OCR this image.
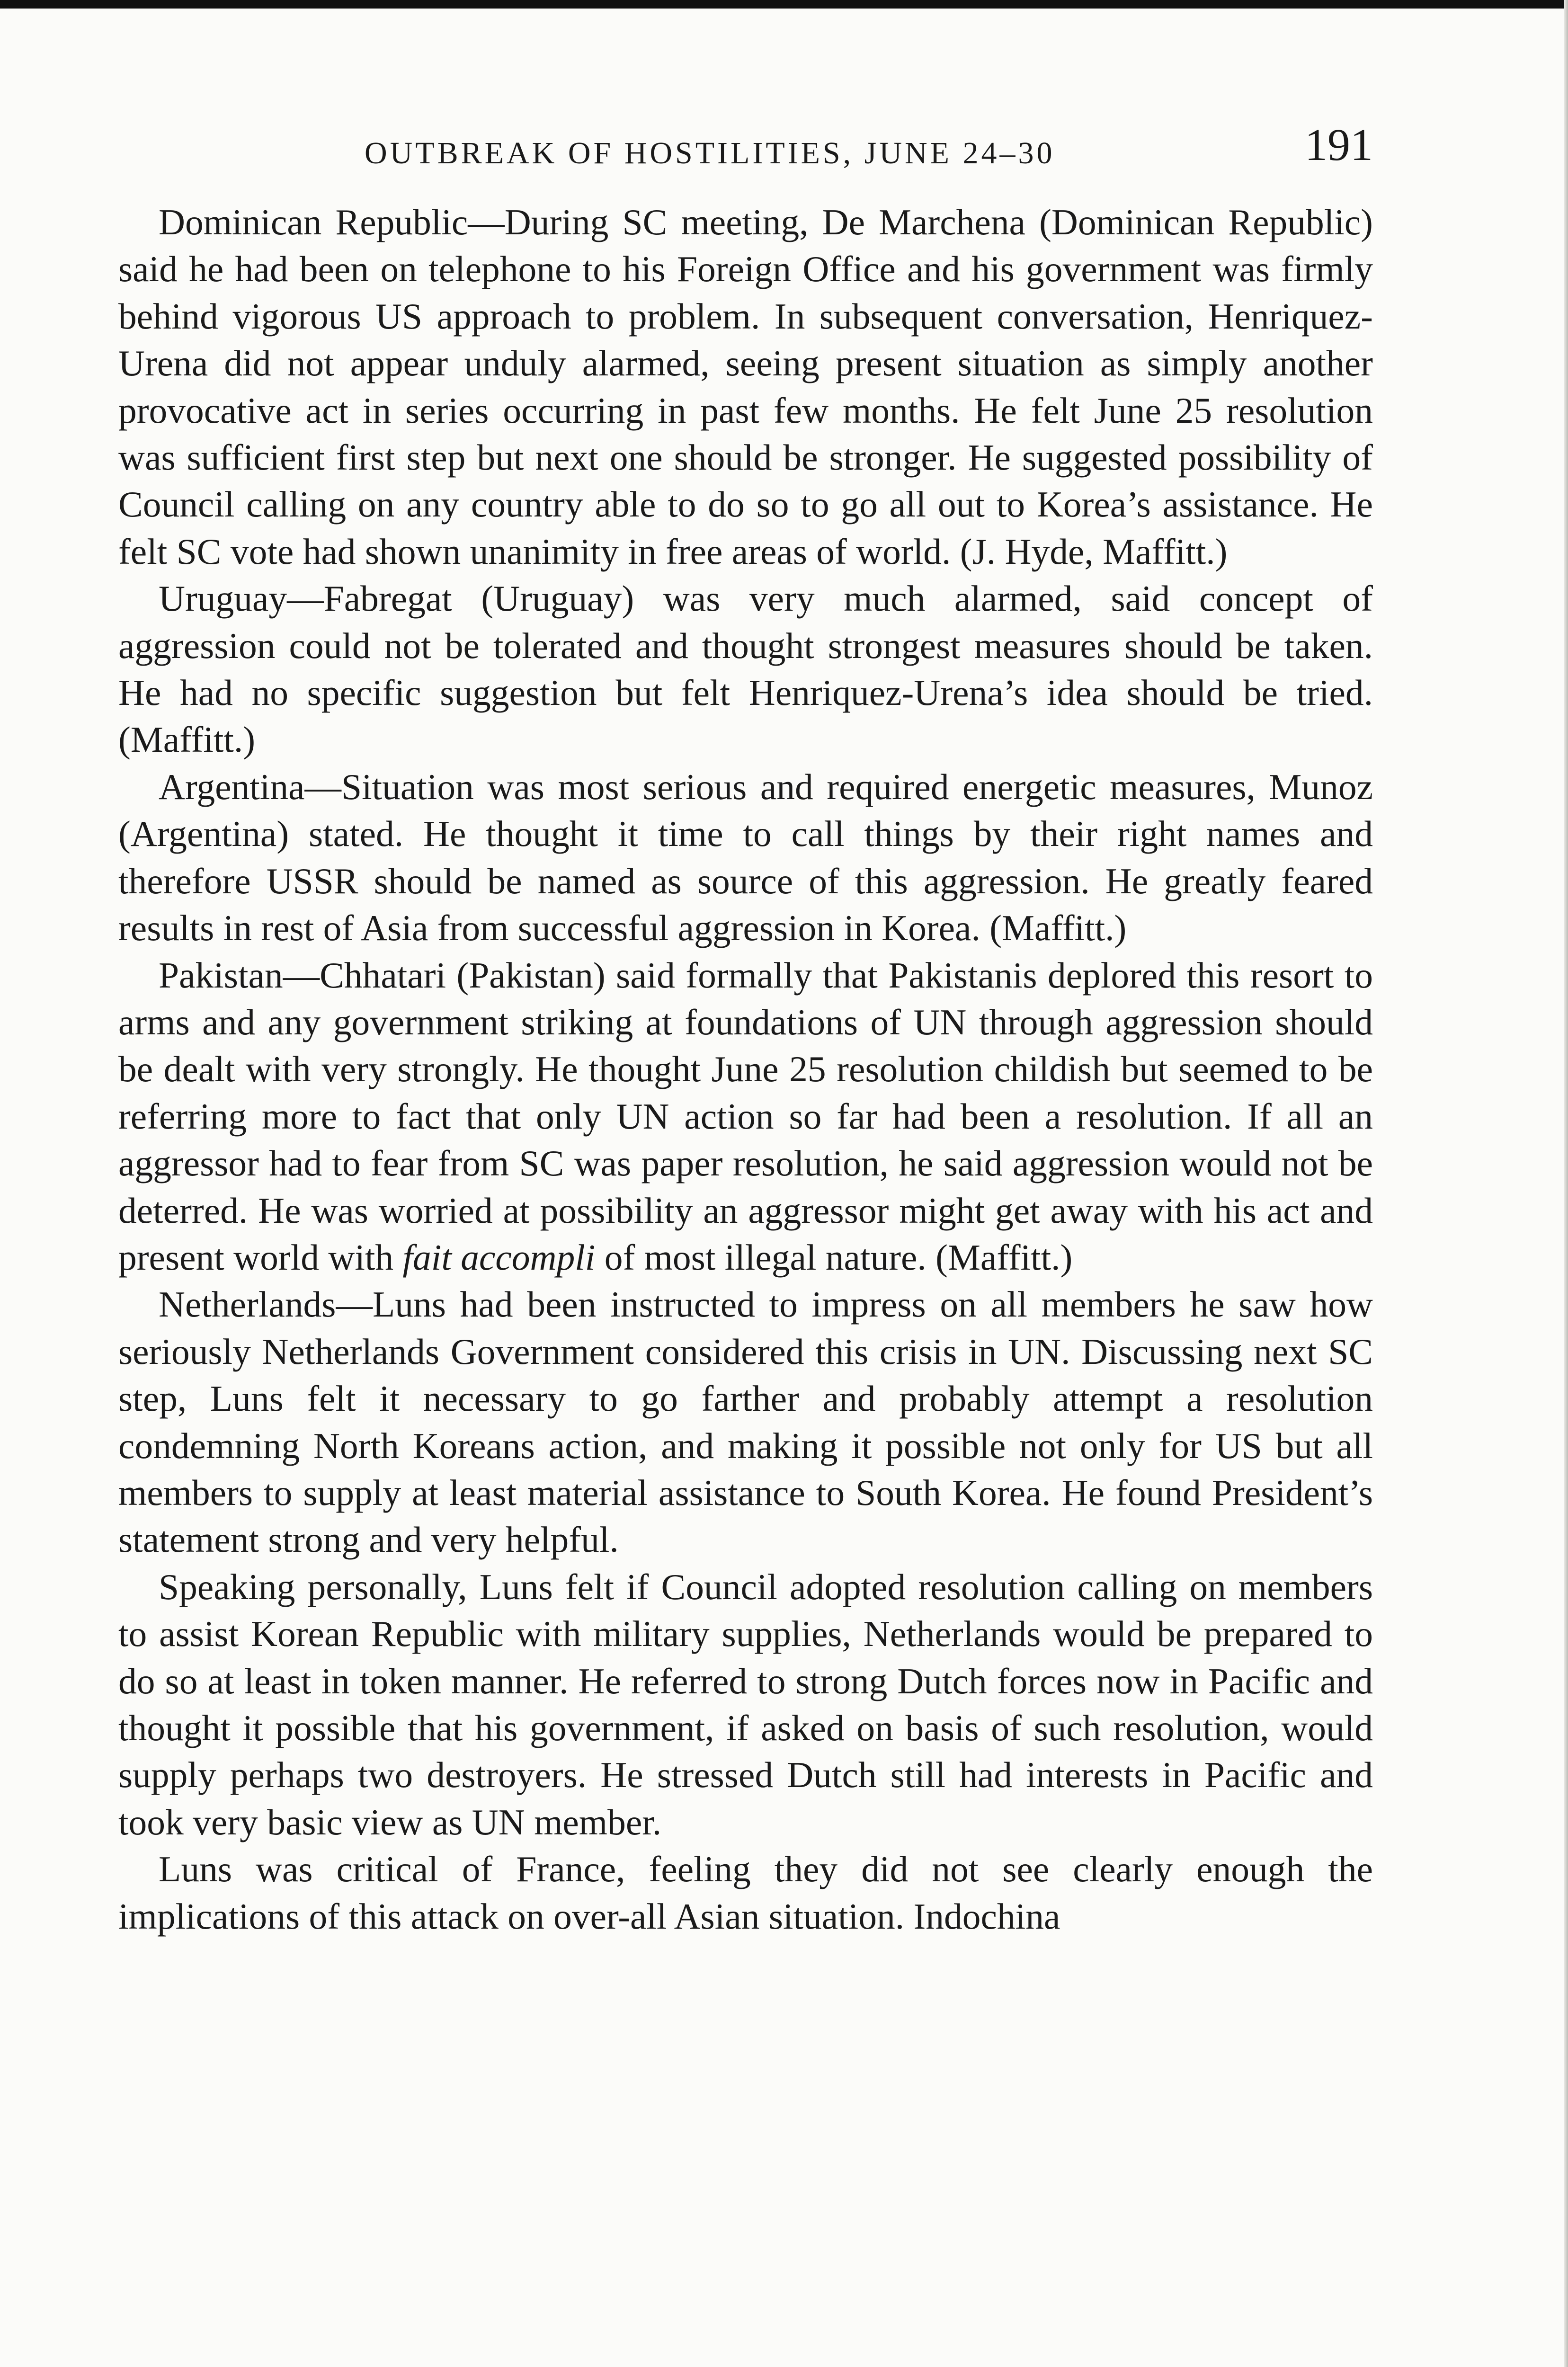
OUTBREAK OF HOSTILITIES, JUNE 24–30	191

Dominican Republic—During SC meeting, De Marchena (Dominican Republic) said he had been on telephone to his Foreign Office and his government was firmly behind vigorous US approach to problem. In subsequent conversation, Henriquez-Urena did not appear unduly alarmed, seeing present situation as simply another provocative act in series occurring in past few months. He felt June 25 resolution was sufficient first step but next one should be stronger. He suggested possibility of Council calling on any country able to do so to go all out to Korea’s assistance. He felt SC vote had shown unanimity in free areas of world. (J. Hyde, Maffitt.)

Uruguay—Fabregat (Uruguay) was very much alarmed, said concept of aggression could not be tolerated and thought strongest measures should be taken. He had no specific suggestion but felt Henriquez-Urena’s idea should be tried. (Maffitt.)

Argentina—Situation was most serious and required energetic measures, Munoz (Argentina) stated. He thought it time to call things by their right names and therefore USSR should be named as source of this aggression. He greatly feared results in rest of Asia from successful aggression in Korea. (Maffitt.)

Pakistan—Chhatari (Pakistan) said formally that Pakistanis deplored this resort to arms and any government striking at foundations of UN through aggression should be dealt with very strongly. He thought June 25 resolution childish but seemed to be referring more to fact that only UN action so far had been a resolution. If all an aggressor had to fear from SC was paper resolution, he said aggression would not be deterred. He was worried at possibility an aggressor might get away with his act and present world with fait accompli of most illegal nature. (Maffitt.)

Netherlands—Luns had been instructed to impress on all members he saw how seriously Netherlands Government considered this crisis in UN. Discussing next SC step, Luns felt it necessary to go farther and probably attempt a resolution condemning North Koreans action, and making it possible not only for US but all members to supply at least material assistance to South Korea. He found President’s statement strong and very helpful.

Speaking personally, Luns felt if Council adopted resolution calling on members to assist Korean Republic with military supplies, Netherlands would be prepared to do so at least in token manner. He referred to strong Dutch forces now in Pacific and thought it possible that his government, if asked on basis of such resolution, would supply perhaps two destroyers. He stressed Dutch still had interests in Pacific and took very basic view as UN member.

Luns was critical of France, feeling they did not see clearly enough the implications of this attack on over-all Asian situation. Indochina
